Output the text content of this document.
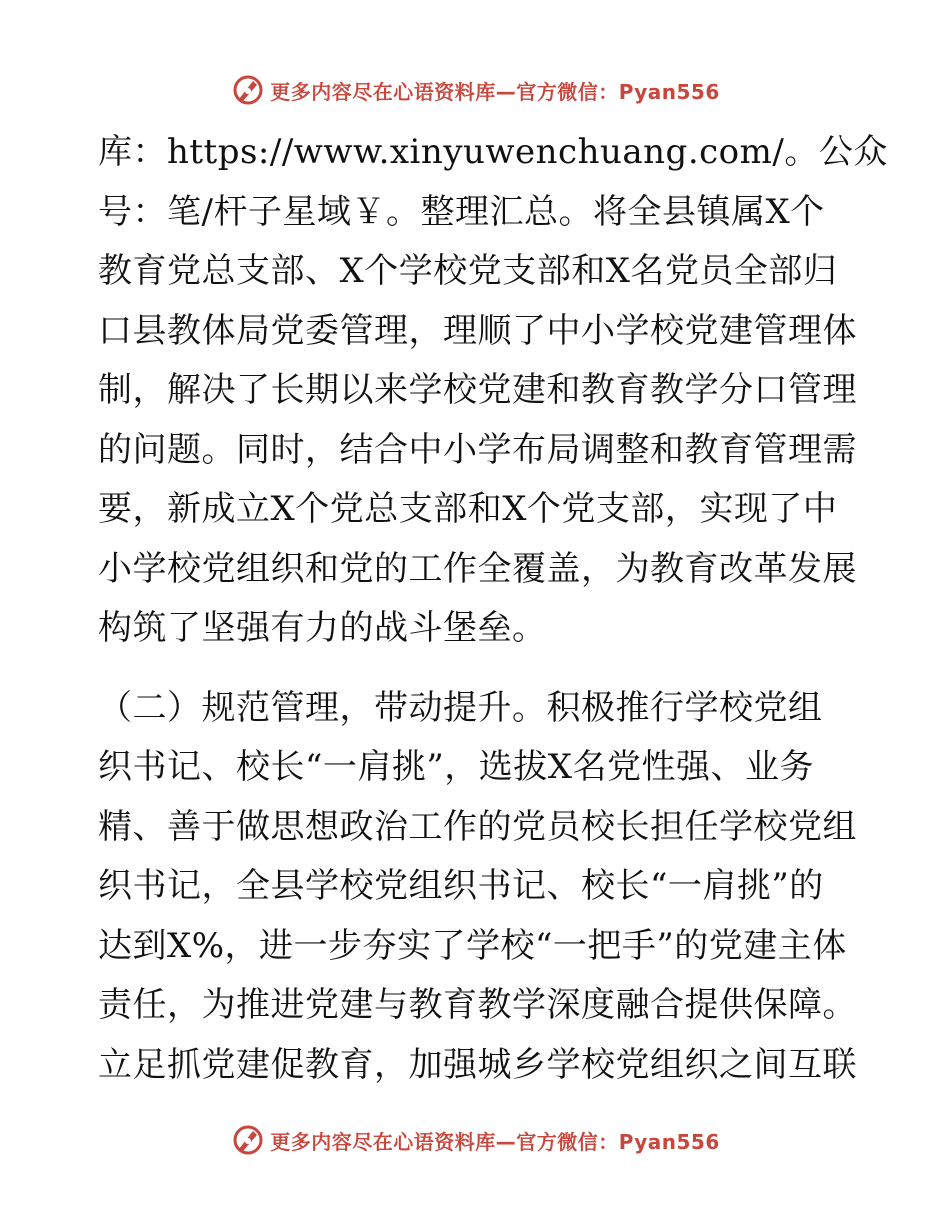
更多内容尽在心语资料库—官方微信：Pyan556
库：https://www.xinyuwenchuang.com/。公众
号：笔/杆子星域￥。整理汇总。将全县镇属X个
教育党总支部、X个学校党支部和X名党员全部归
口县教体局党委管理，理顺了中小学校党建管理体
制，解决了长期以来学校党建和教育教学分口管理
的问题。同时，结合中小学布局调整和教育管理需
要，新成立X个党总支部和X个党支部，实现了中
小学校党组织和党的工作全覆盖，为教育改革发展
构筑了坚强有力的战斗堡垒。
（二）规范管理，带动提升。积极推行学校党组
织书记、校长“一肩挑”，选拔X名党性强、业务
精、善于做思想政治工作的党员校长担任学校党组
织书记，全县学校党组织书记、校长“一肩挑”的
达到X%，进一步夯实了学校“一把手”的党建主体
责任，为推进党建与教育教学深度融合提供保障。
立足抓党建促教育，加强城乡学校党组织之间互联
更多内容尽在心语资料库—官方微信：Pyan556
